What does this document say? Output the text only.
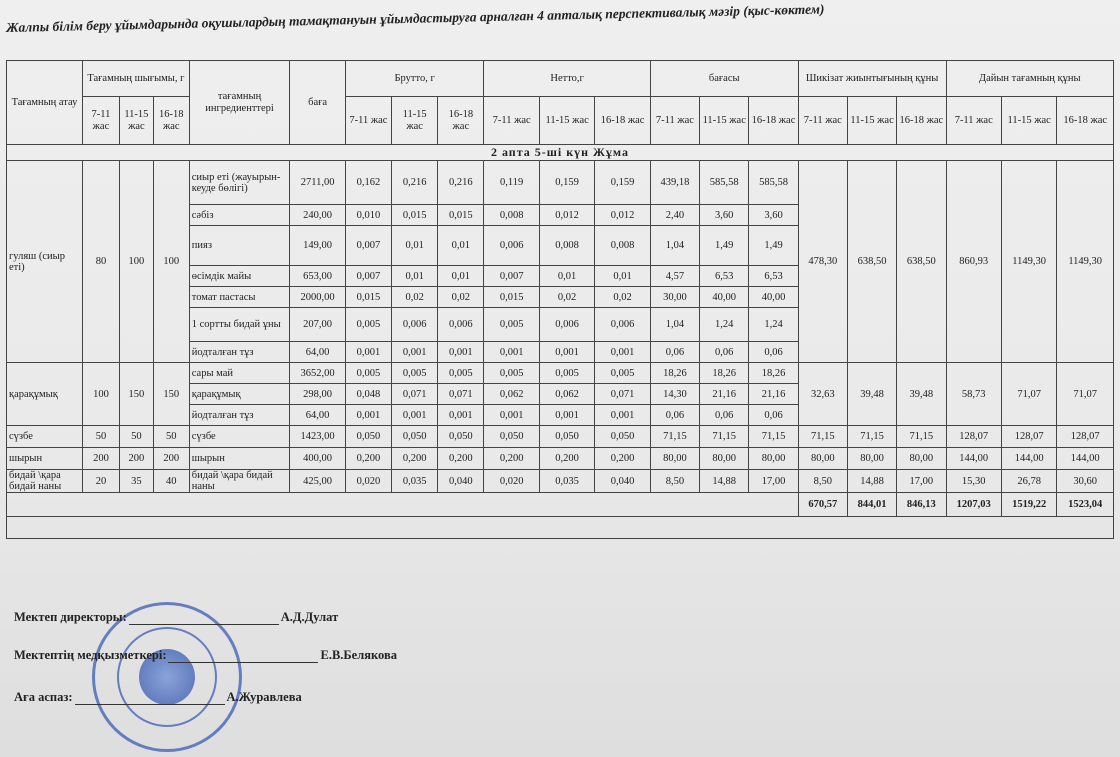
Жалпы білім беру ұйымдарында оқушылардың тамақтануын ұйымдастыруға арналған 4 апталық перспективалық мәзір (қыс-көктем)
Тағамның атау	Тағамның шығымы, г			тағамның ингредиенттері	баға	Брутто, г			Нетто,г			бағасы			Шикізат жиынтығының құны			Дайын тағамның құны		
	7-11 жас	11-15 жас	16-18 жас			7-11 жас	11-15 жас	16-18 жас	7-11 жас	11-15 жас	16-18 жас	7-11 жас	11-15 жас	16-18 жас	7-11 жас	11-15 жас	16-18 жас	7-11 жас	11-15 жас	16-18 жас
2 апта 5-ші күн Жұма																				
гуляш (сиыр еті)	80	100	100	сиыр еті (жауырын-кеуде бөлігі)	2711,00	0,162	0,216	0,216	0,119	0,159	0,159	439,18	585,58	585,58	478,30	638,50	638,50	860,93	1149,30	1149,30
				сәбіз	240,00	0,010	0,015	0,015	0,008	0,012	0,012	2,40	3,60	3,60						
				пияз	149,00	0,007	0,01	0,01	0,006	0,008	0,008	1,04	1,49	1,49						
				өсімдік майы	653,00	0,007	0,01	0,01	0,007	0,01	0,01	4,57	6,53	6,53						
				томат пастасы	2000,00	0,015	0,02	0,02	0,015	0,02	0,02	30,00	40,00	40,00						
				1 сортты бидай ұны	207,00	0,005	0,006	0,006	0,005	0,006	0,006	1,04	1,24	1,24						
				йодталған тұз	64,00	0,001	0,001	0,001	0,001	0,001	0,001	0,06	0,06	0,06						
қарақұмық	100	150	150	сары май	3652,00	0,005	0,005	0,005	0,005	0,005	0,005	18,26	18,26	18,26	32,63	39,48	39,48	58,73	71,07	71,07
				қарақұмық	298,00	0,048	0,071	0,071	0,062	0,062	0,071	14,30	21,16	21,16						
				йодталған тұз	64,00	0,001	0,001	0,001	0,001	0,001	0,001	0,06	0,06	0,06						
сүзбе	50	50	50	сүзбе	1423,00	0,050	0,050	0,050	0,050	0,050	0,050	71,15	71,15	71,15	71,15	71,15	71,15	128,07	128,07	128,07
шырын	200	200	200	шырын	400,00	0,200	0,200	0,200	0,200	0,200	0,200	80,00	80,00	80,00	80,00	80,00	80,00	144,00	144,00	144,00
бидай \қара бидай наны	20	35	40	бидай \қара бидай наны	425,00	0,020	0,035	0,040	0,020	0,035	0,040	8,50	14,88	17,00	8,50	14,88	17,00	15,30	26,78	30,60
															670,57	844,01	846,13	1207,03	1519,22	1523,04

Мектеп директоры:	А.Д.Дулат
Мектептің медқызметкері:	Е.В.Белякова
Аға аспаз:	А.Журавлева
